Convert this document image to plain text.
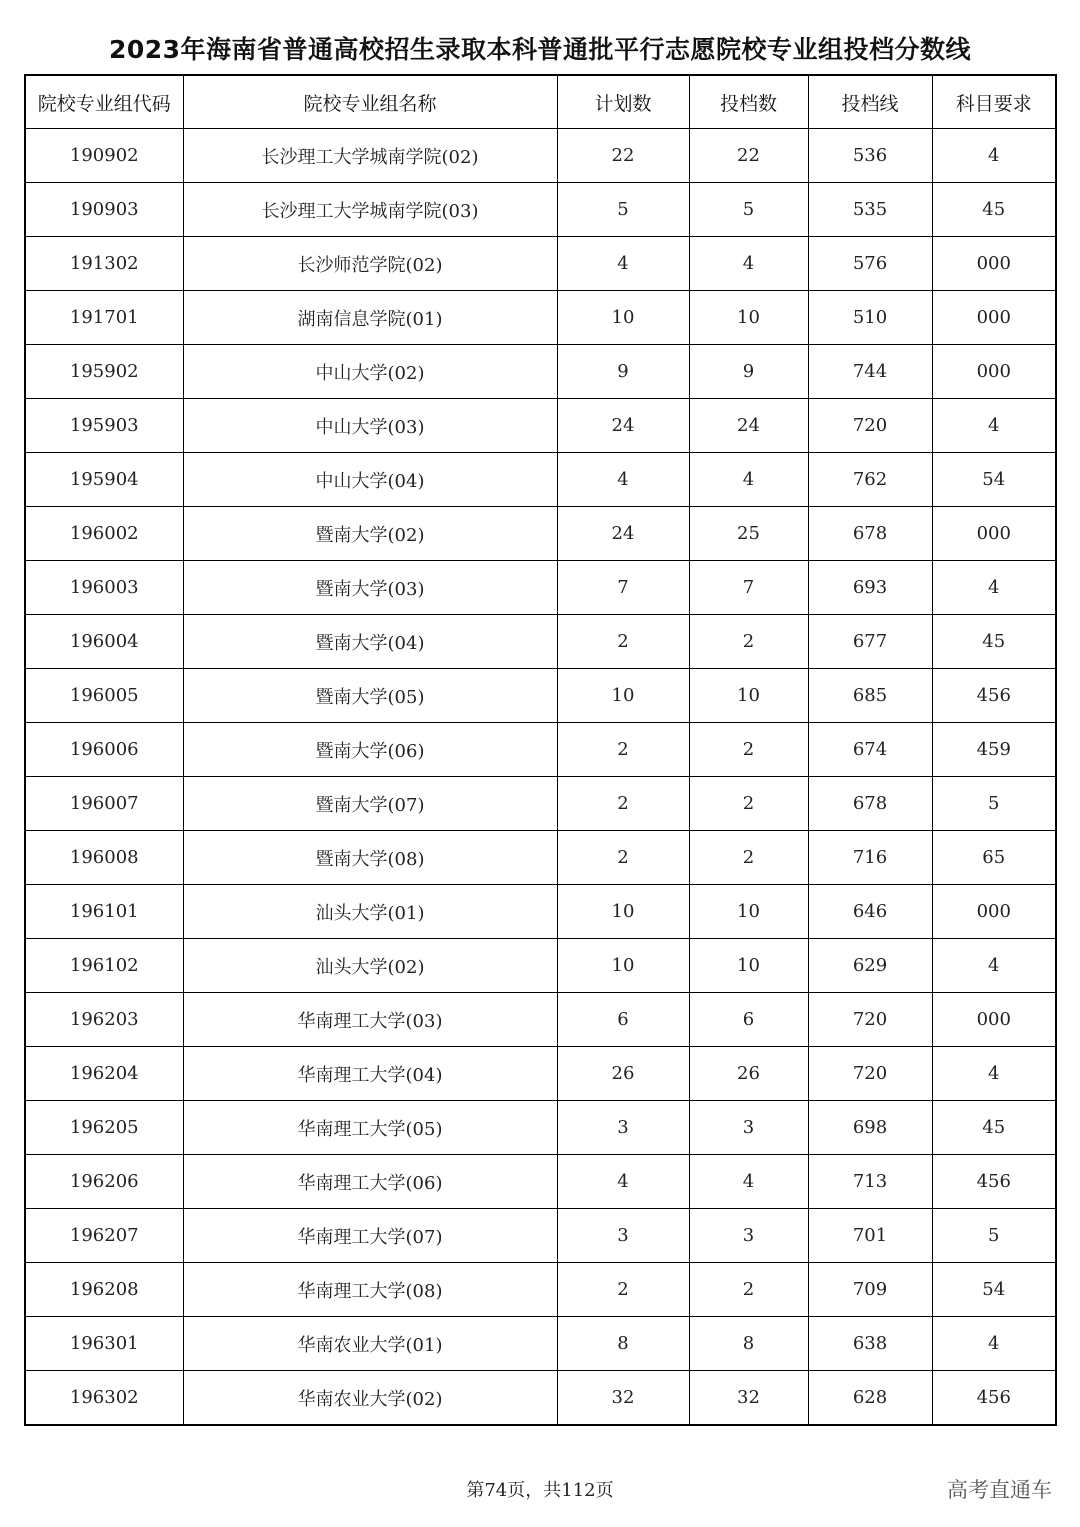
2023年海南省普通高校招生录取本科普通批平行志愿院校专业组投档分数线
院校专业组代码	院校专业组名称	计划数	投档数	投档线	科目要求
190902	长沙理工大学城南学院(02)	22	22	536	4
190903	长沙理工大学城南学院(03)	5	5	535	45
191302	长沙师范学院(02)	4	4	576	000
191701	湖南信息学院(01)	10	10	510	000
195902	中山大学(02)	9	9	744	000
195903	中山大学(03)	24	24	720	4
195904	中山大学(04)	4	4	762	54
196002	暨南大学(02)	24	25	678	000
196003	暨南大学(03)	7	7	693	4
196004	暨南大学(04)	2	2	677	45
196005	暨南大学(05)	10	10	685	456
196006	暨南大学(06)	2	2	674	459
196007	暨南大学(07)	2	2	678	5
196008	暨南大学(08)	2	2	716	65
196101	汕头大学(01)	10	10	646	000
196102	汕头大学(02)	10	10	629	4
196203	华南理工大学(03)	6	6	720	000
196204	华南理工大学(04)	26	26	720	4
196205	华南理工大学(05)	3	3	698	45
196206	华南理工大学(06)	4	4	713	456
196207	华南理工大学(07)	3	3	701	5
196208	华南理工大学(08)	2	2	709	54
196301	华南农业大学(01)	8	8	638	4
196302	华南农业大学(02)	32	32	628	456
第74页，共112页	高考直通车
